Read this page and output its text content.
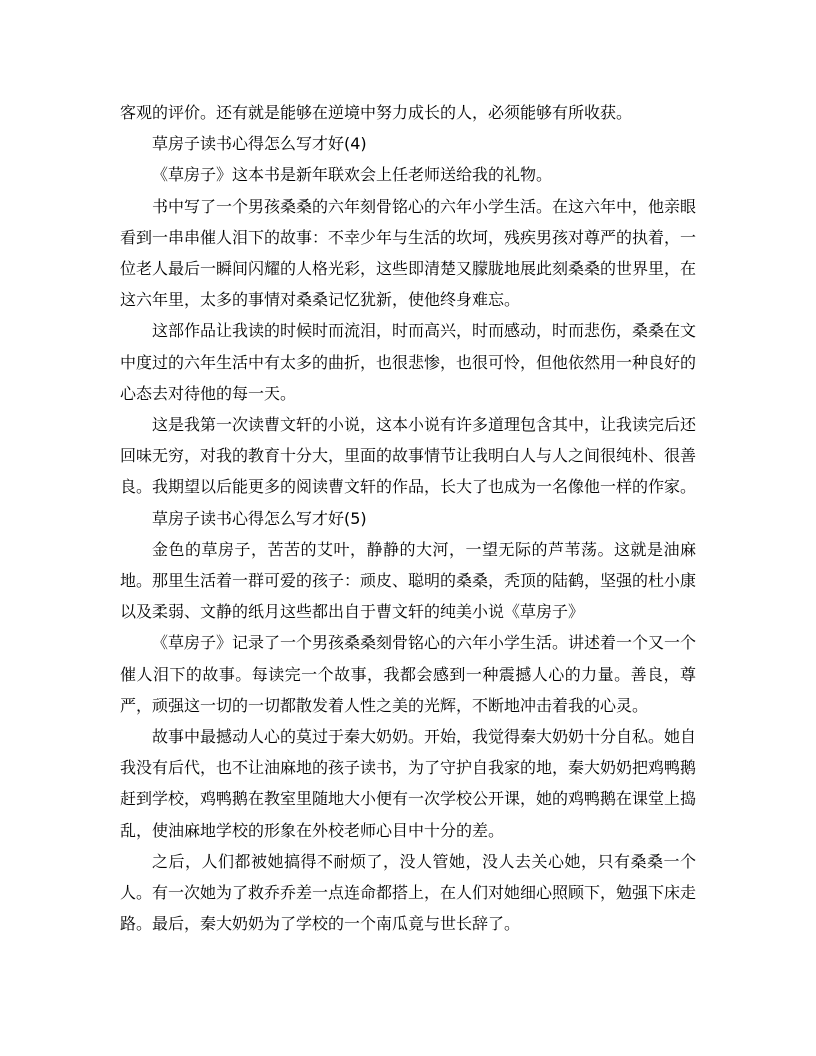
客观的评价。还有就是能够在逆境中努力成长的人，必须能够有所收获。

草房子读书心得怎么写才好(4)

《草房子》这本书是新年联欢会上任老师送给我的礼物。

书中写了一个男孩桑桑的六年刻骨铭心的六年小学生活。在这六年中，他亲眼看到一串串催人泪下的故事：不幸少年与生活的坎坷，残疾男孩对尊严的执着，一位老人最后一瞬间闪耀的人格光彩，这些即清楚又朦胧地展此刻桑桑的世界里，在这六年里，太多的事情对桑桑记忆犹新，使他终身难忘。

这部作品让我读的时候时而流泪，时而高兴，时而感动，时而悲伤，桑桑在文中度过的六年生活中有太多的曲折，也很悲惨，也很可怜，但他依然用一种良好的心态去对待他的每一天。

这是我第一次读曹文轩的小说，这本小说有许多道理包含其中，让我读完后还回味无穷，对我的教育十分大，里面的故事情节让我明白人与人之间很纯朴、很善良。我期望以后能更多的阅读曹文轩的作品，长大了也成为一名像他一样的作家。

草房子读书心得怎么写才好(5)

金色的草房子，苦苦的艾叶，静静的大河，一望无际的芦苇荡。这就是油麻地。那里生活着一群可爱的孩子：顽皮、聪明的桑桑，秃顶的陆鹤，坚强的杜小康以及柔弱、文静的纸月这些都出自于曹文轩的纯美小说《草房子》

《草房子》记录了一个男孩桑桑刻骨铭心的六年小学生活。讲述着一个又一个催人泪下的故事。每读完一个故事，我都会感到一种震撼人心的力量。善良，尊严，顽强这一切的一切都散发着人性之美的光辉，不断地冲击着我的心灵。

故事中最撼动人心的莫过于秦大奶奶。开始，我觉得秦大奶奶十分自私。她自我没有后代，也不让油麻地的孩子读书，为了守护自我家的地，秦大奶奶把鸡鸭鹅赶到学校，鸡鸭鹅在教室里随地大小便有一次学校公开课，她的鸡鸭鹅在课堂上捣乱，使油麻地学校的形象在外校老师心目中十分的差。

之后，人们都被她搞得不耐烦了，没人管她，没人去关心她，只有桑桑一个人。有一次她为了救乔乔差一点连命都搭上，在人们对她细心照顾下，勉强下床走路。最后，秦大奶奶为了学校的一个南瓜竟与世长辞了。
